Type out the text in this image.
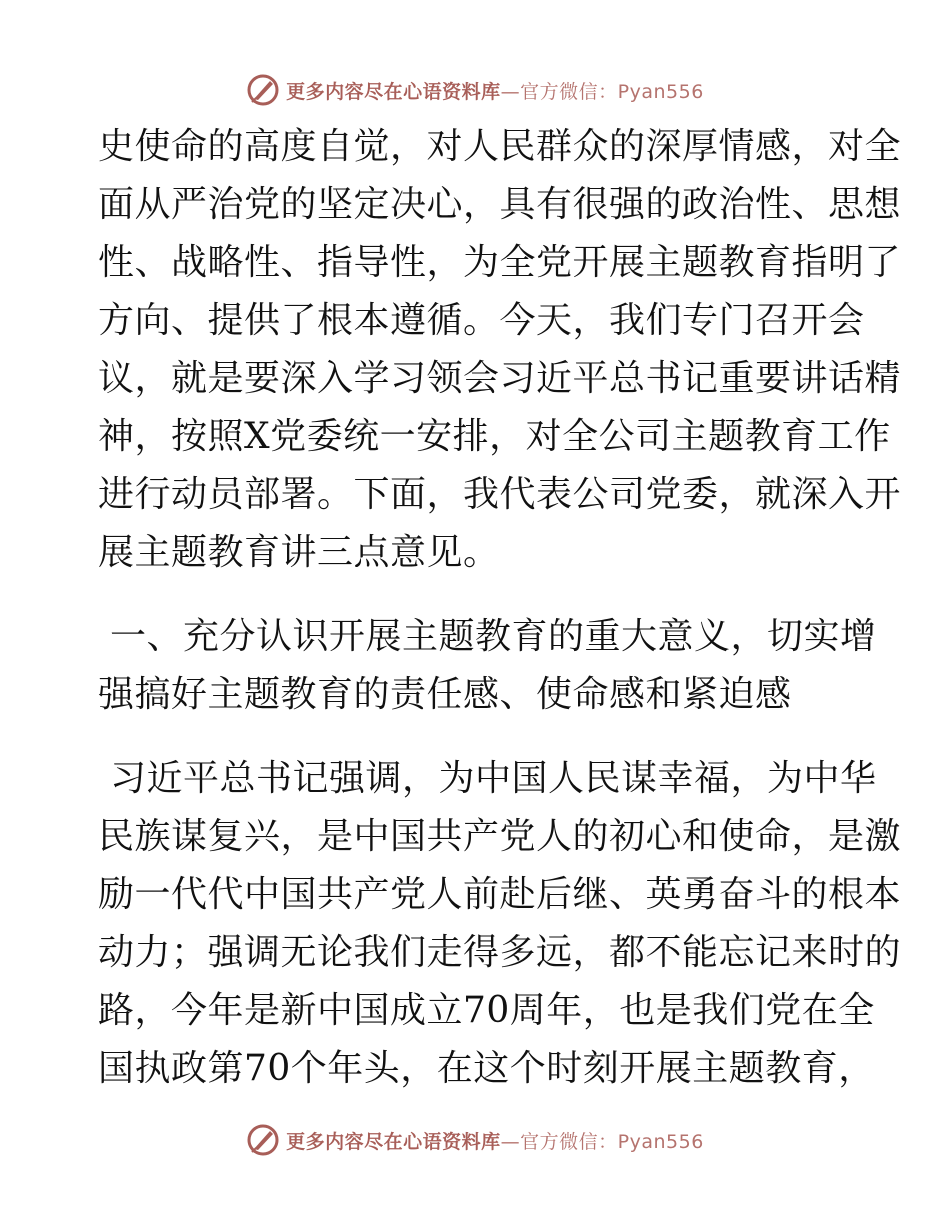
更多内容尽在心语资料库—官方微信：Pyan556
史使命的高度自觉，对人民群众的深厚情感，对全
面从严治党的坚定决心，具有很强的政治性、思想
性、战略性、指导性，为全党开展主题教育指明了
方向、提供了根本遵循。今天，我们专门召开会
议，就是要深入学习领会习近平总书记重要讲话精
神，按照X党委统一安排，对全公司主题教育工作
进行动员部署。下面，我代表公司党委，就深入开
展主题教育讲三点意见。
一、充分认识开展主题教育的重大意义，切实增
强搞好主题教育的责任感、使命感和紧迫感
习近平总书记强调，为中国人民谋幸福，为中华
民族谋复兴，是中国共产党人的初心和使命，是激
励一代代中国共产党人前赴后继、英勇奋斗的根本
动力；强调无论我们走得多远，都不能忘记来时的
路，今年是新中国成立70周年，也是我们党在全
国执政第70个年头，在这个时刻开展主题教育，
更多内容尽在心语资料库—官方微信：Pyan556
